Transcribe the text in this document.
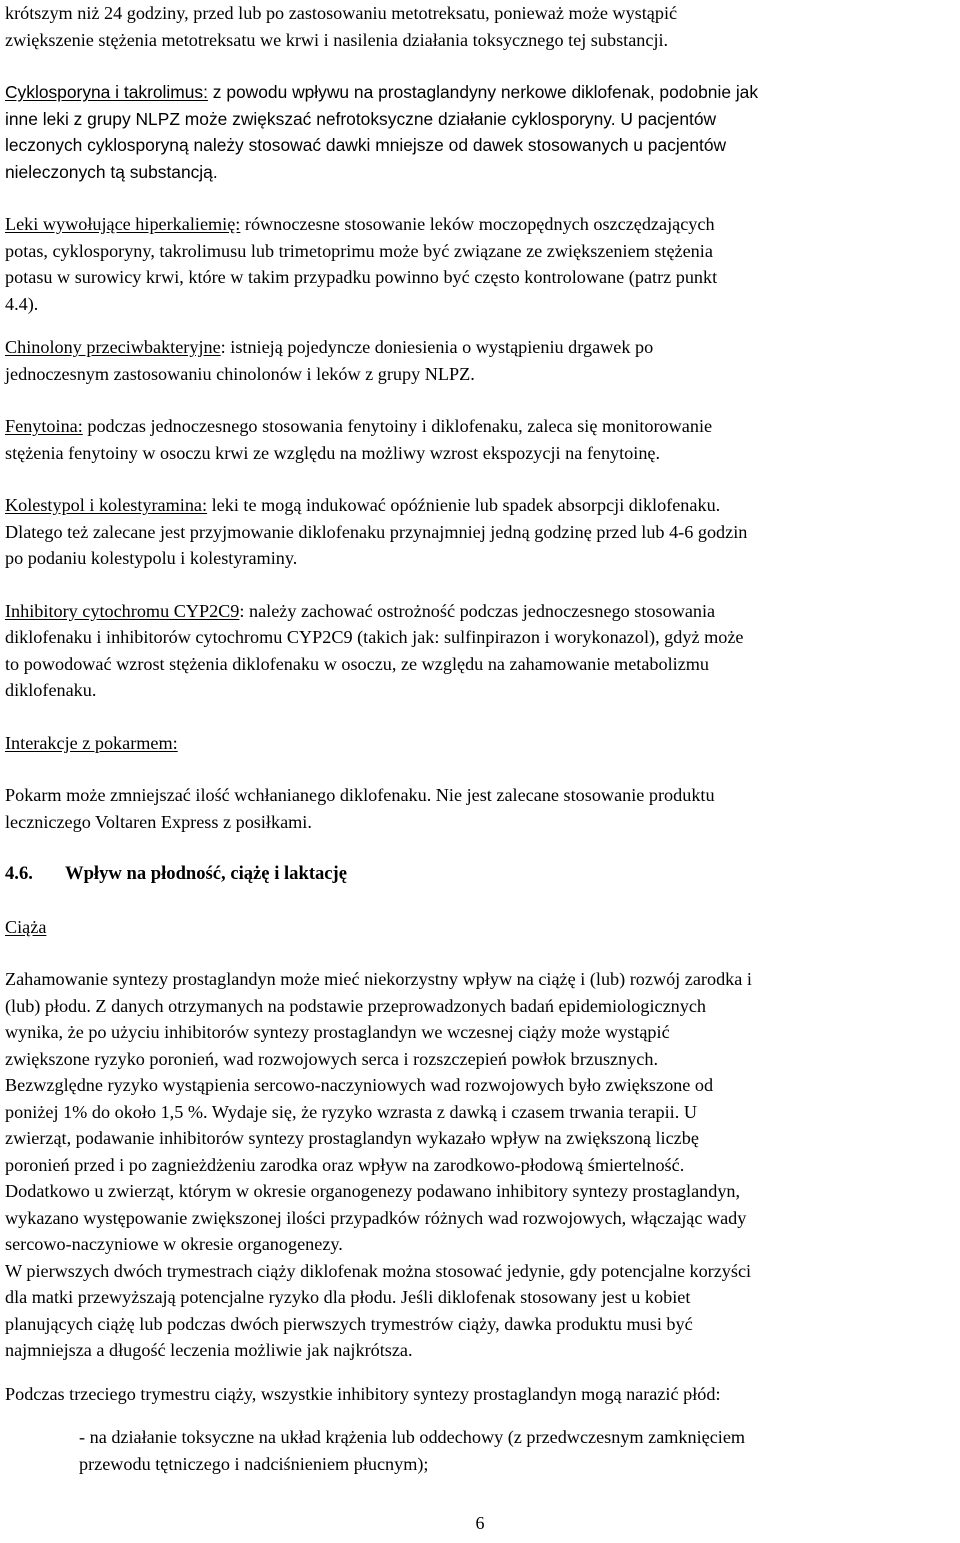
krótszym niż 24 godziny, przed lub po zastosowaniu metotreksatu, ponieważ może wystąpić
zwiększenie stężenia metotreksatu we krwi i nasilenia działania toksycznego tej substancji.

Cyklosporyna i takrolimus: z powodu wpływu na prostaglandyny nerkowe diklofenak, podobnie jak
inne leki z grupy NLPZ może zwiększać nefrotoksyczne działanie cyklosporyny. U pacjentów
leczonych cyklosporyną należy stosować dawki mniejsze od dawek stosowanych u pacjentów
nieleczonych tą substancją.

Leki wywołujące hiperkaliemię: równoczesne stosowanie leków moczopędnych oszczędzających
potas, cyklosporyny, takrolimusu lub trimetoprimu może być związane ze zwiększeniem stężenia
potasu w surowicy krwi, które w takim przypadku powinno być często kontrolowane (patrz punkt
4.4).

Chinolony przeciwbakteryjne: istnieją pojedyncze doniesienia o wystąpieniu drgawek po
jednoczesnym zastosowaniu chinolonów i leków z grupy NLPZ.

Fenytoina: podczas jednoczesnego stosowania fenytoiny i diklofenaku, zaleca się monitorowanie
stężenia fenytoiny w osoczu krwi ze względu na możliwy wzrost ekspozycji na fenytoinę.

Kolestypol i kolestyramina: leki te mogą indukować opóźnienie lub spadek absorpcji diklofenaku.
Dlatego też zalecane jest przyjmowanie diklofenaku przynajmniej jedną godzinę przed lub 4-6 godzin
po podaniu kolestypolu i kolestyraminy.

Inhibitory cytochromu CYP2C9: należy zachować ostrożność podczas jednoczesnego stosowania
diklofenaku i inhibitorów cytochromu CYP2C9 (takich jak: sulfinpirazon i worykonazol), gdyż może
to powodować wzrost stężenia diklofenaku w osoczu, ze względu na zahamowanie metabolizmu
diklofenaku.

Interakcje z pokarmem:

Pokarm może zmniejszać ilość wchłanianego diklofenaku. Nie jest zalecane stosowanie produktu
leczniczego Voltaren Express z posiłkami.

4.6. Wpływ na płodność, ciążę i laktację

Ciąża

Zahamowanie syntezy prostaglandyn może mieć niekorzystny wpływ na ciążę i (lub) rozwój zarodka i
(lub) płodu. Z danych otrzymanych na podstawie przeprowadzonych badań epidemiologicznych
wynika, że po użyciu inhibitorów syntezy prostaglandyn we wczesnej ciąży może wystąpić
zwiększone ryzyko poronień, wad rozwojowych serca i rozszczepień powłok brzusznych.
Bezwzględne ryzyko wystąpienia sercowo-naczyniowych wad rozwojowych było zwiększone od
poniżej 1% do około 1,5 %. Wydaje się, że ryzyko wzrasta z dawką i czasem trwania terapii. U
zwierząt, podawanie inhibitorów syntezy prostaglandyn wykazało wpływ na zwiększoną liczbę
poronień przed i po zagnieżdżeniu zarodka oraz wpływ na zarodkowo-płodową śmiertelność.
Dodatkowo u zwierząt, którym w okresie organogenezy podawano inhibitory syntezy prostaglandyn,
wykazano występowanie zwiększonej ilości przypadków różnych wad rozwojowych, włączając wady
sercowo-naczyniowe w okresie organogenezy.
W pierwszych dwóch trymestrach ciąży diklofenak można stosować jedynie, gdy potencjalne korzyści
dla matki przewyższają potencjalne ryzyko dla płodu. Jeśli diklofenak stosowany jest u kobiet
planujących ciążę lub podczas dwóch pierwszych trymestrów ciąży, dawka produktu musi być
najmniejsza a długość leczenia możliwie jak najkrótsza.

Podczas trzeciego trymestru ciąży, wszystkie inhibitory syntezy prostaglandyn mogą narazić płód:

- na działanie toksyczne na układ krążenia lub oddechowy (z przedwczesnym zamknięciem
przewodu tętniczego i nadciśnieniem płucnym);

6
